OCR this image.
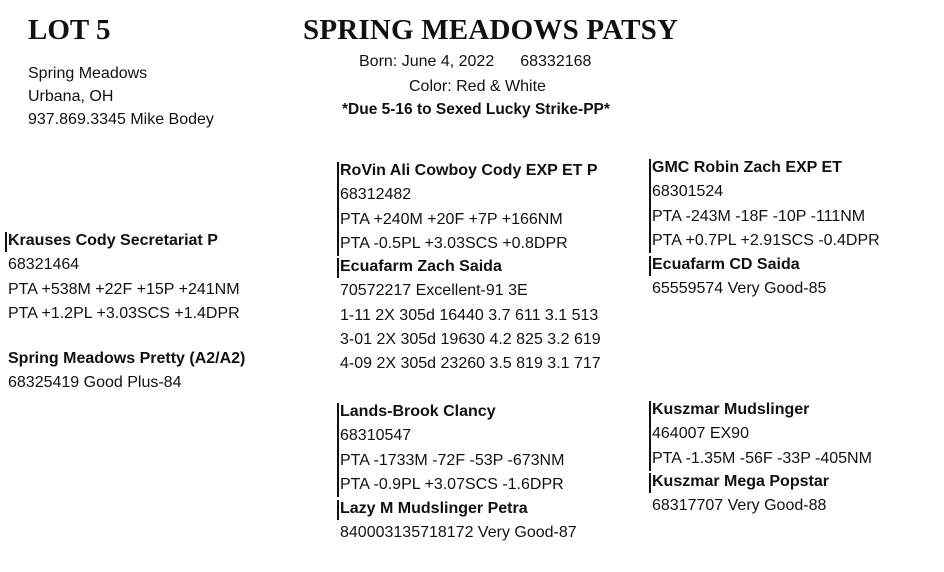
LOT 5	SPRING MEADOWS PATSY
Spring Meadows
Urbana, OH
937.869.3345 Mike Bodey
Born: June 4, 2022 68332168
Color: Red & White
*Due 5-16 to Sexed Lucky Strike-PP*
Krauses Cody Secretariat P
68321464
PTA +538M +22F +15P +241NM
PTA +1.2PL +3.03SCS +1.4DPR
Spring Meadows Pretty (A2/A2)
68325419 Good Plus-84
RoVin Ali Cowboy Cody EXP ET P
68312482
PTA +240M +20F +7P +166NM
PTA -0.5PL +3.03SCS +0.8DPR
Ecuafarm Zach Saida
70572217 Excellent-91 3E
1-11 2X 305d 16440 3.7 611 3.1 513
3-01 2X 305d 19630 4.2 825 3.2 619
4-09 2X 305d 23260 3.5 819 3.1 717
GMC Robin Zach EXP ET
68301524
PTA -243M -18F -10P -111NM
PTA +0.7PL +2.91SCS -0.4DPR
Ecuafarm CD Saida
65559574 Very Good-85
Lands-Brook Clancy
68310547
PTA -1733M -72F -53P -673NM
PTA -0.9PL +3.07SCS -1.6DPR
Lazy M Mudslinger Petra
840003135718172 Very Good-87
Kuszmar Mudslinger
464007 EX90
PTA -1.35M -56F -33P -405NM
Kuszmar Mega Popstar
68317707 Very Good-88
